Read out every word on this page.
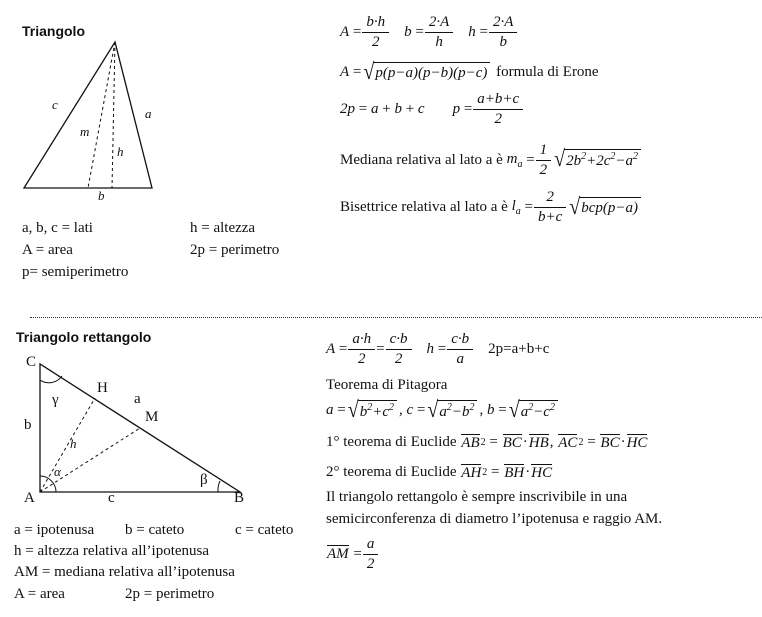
Triangolo
c
a
m
h
b
a, b, c = lati	h = altezza
A = area	2p = perimetro
p= semiperimetro
$A = \frac{b\cdot h}{2}$ $b = \frac{2\cdot A}{h}$ $h = \frac{2\cdot A}{b}$
A = √ p(p−a)(p−b)(p−c)
formula di Erone
2p = a + b + c $p = \frac{a+b+c}{2}$
Mediana relativa al lato a è
$m_a = \frac{1}{2}$ √ $2b^2+2c^2-a^2$
Bisettrice relativa al lato a è
$l_a = \frac{2}{b+c}$ √ bcp(p−a)
Triangolo rettangolo
C
H
a
M
γ
b
h
α
β
A	c	B
a = ipotenusa b = cateto	c = cateto
h = altezza relativa all’ipotenusa
AM = mediana relativa all’ipotenusa
A = area	2p = perimetro
$A = \frac{a\cdot h}{2} = \frac{c\cdot b}{2}$ $h = \frac{c\cdot b}{a} 2p=a+b+c$
Teorema di Pitagora
a = √ $b^2+c^2$ , c = √ $a^2-b^2$ , b = √ $a^2-c^2$
1° teorema di Euclide
AB 2 = BC · HB , AC 2 = BC · HC
2° teorema di Euclide
AH 2 = BH · HC
Il triangolo rettangolo è sempre inscrivibile in una
semicirconferenza di diametro l’ipotenusa e raggio AM.
AM = $\frac{a}{2}$
